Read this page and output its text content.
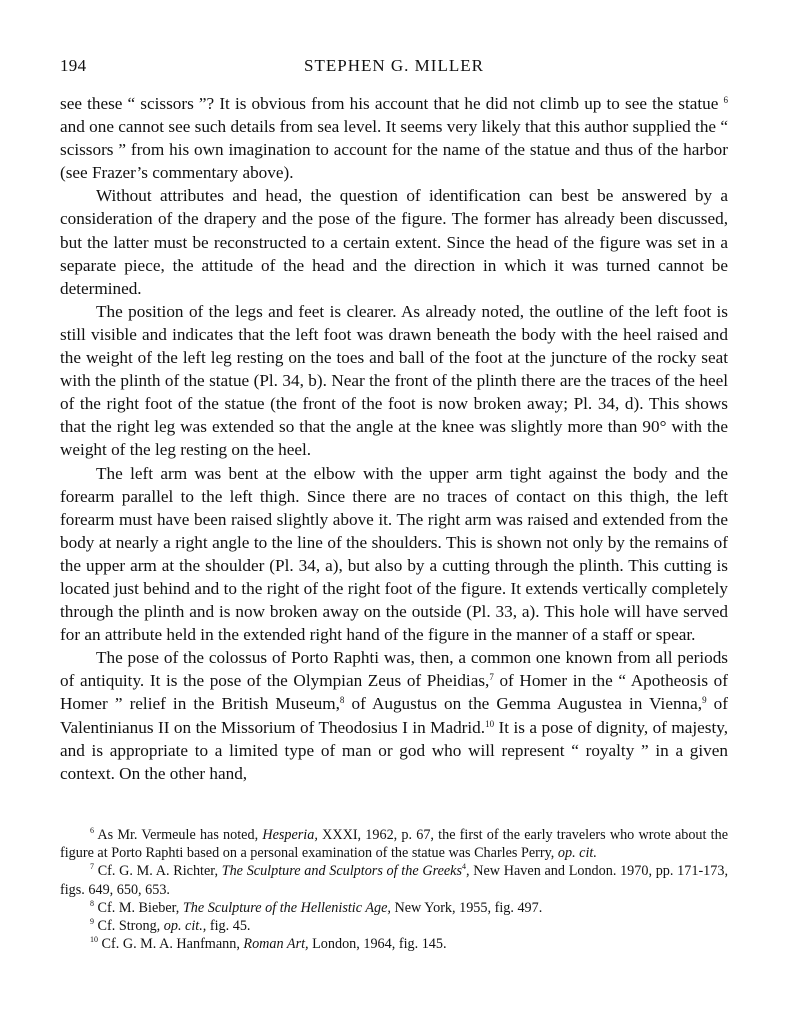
194	STEPHEN G. MILLER

see these “ scissors ”? It is obvious from his account that he did not climb up to see the statue $^6$ and one cannot see such details from sea level. It seems very likely that this author supplied the “ scissors ” from his own imagination to account for the name of the statue and thus of the harbor (see Frazer’s commentary above).

Without attributes and head, the question of identification can best be answered by a consideration of the drapery and the pose of the figure. The former has already been discussed, but the latter must be reconstructed to a certain extent. Since the head of the figure was set in a separate piece, the attitude of the head and the direction in which it was turned cannot be determined.

The position of the legs and feet is clearer. As already noted, the outline of the left foot is still visible and indicates that the left foot was drawn beneath the body with the heel raised and the weight of the left leg resting on the toes and ball of the foot at the juncture of the rocky seat with the plinth of the statue (Pl. 34, b). Near the front of the plinth there are the traces of the heel of the right foot of the statue (the front of the foot is now broken away; Pl. 34, d). This shows that the right leg was extended so that the angle at the knee was slightly more than 90° with the weight of the leg resting on the heel.

The left arm was bent at the elbow with the upper arm tight against the body and the forearm parallel to the left thigh. Since there are no traces of contact on this thigh, the left forearm must have been raised slightly above it. The right arm was raised and extended from the body at nearly a right angle to the line of the shoulders. This is shown not only by the remains of the upper arm at the shoulder (Pl. 34, a), but also by a cutting through the plinth. This cutting is located just behind and to the right of the right foot of the figure. It extends vertically completely through the plinth and is now broken away on the outside (Pl. 33, a). This hole will have served for an attribute held in the extended right hand of the figure in the manner of a staff or spear.

The pose of the colossus of Porto Raphti was, then, a common one known from all periods of antiquity. It is the pose of the Olympian Zeus of Pheidias,$^7$ of Homer in the “ Apotheosis of Homer ” relief in the British Museum,$^8$ of Augustus on the Gemma Augustea in Vienna,$^9$ of Valentinianus II on the Missorium of Theodosius I in Madrid.$^{10}$ It is a pose of dignity, of majesty, and is appropriate to a limited type of man or god who will represent “ royalty ” in a given context. On the other hand,

$^6$ As Mr. Vermeule has noted, Hesperia, XXXI, 1962, p. 67, the first of the early travelers who wrote about the figure at Porto Raphti based on a personal examination of the statue was Charles Perry, op. cit.

$^7$ Cf. G. M. A. Richter, The Sculpture and Sculptors of the Greeks$^4$, New Haven and London. 1970, pp. 171-173, figs. 649, 650, 653.

$^8$ Cf. M. Bieber, The Sculpture of the Hellenistic Age, New York, 1955, fig. 497.

$^9$ Cf. Strong, op. cit., fig. 45.

$^{10}$ Cf. G. M. A. Hanfmann, Roman Art, London, 1964, fig. 145.
